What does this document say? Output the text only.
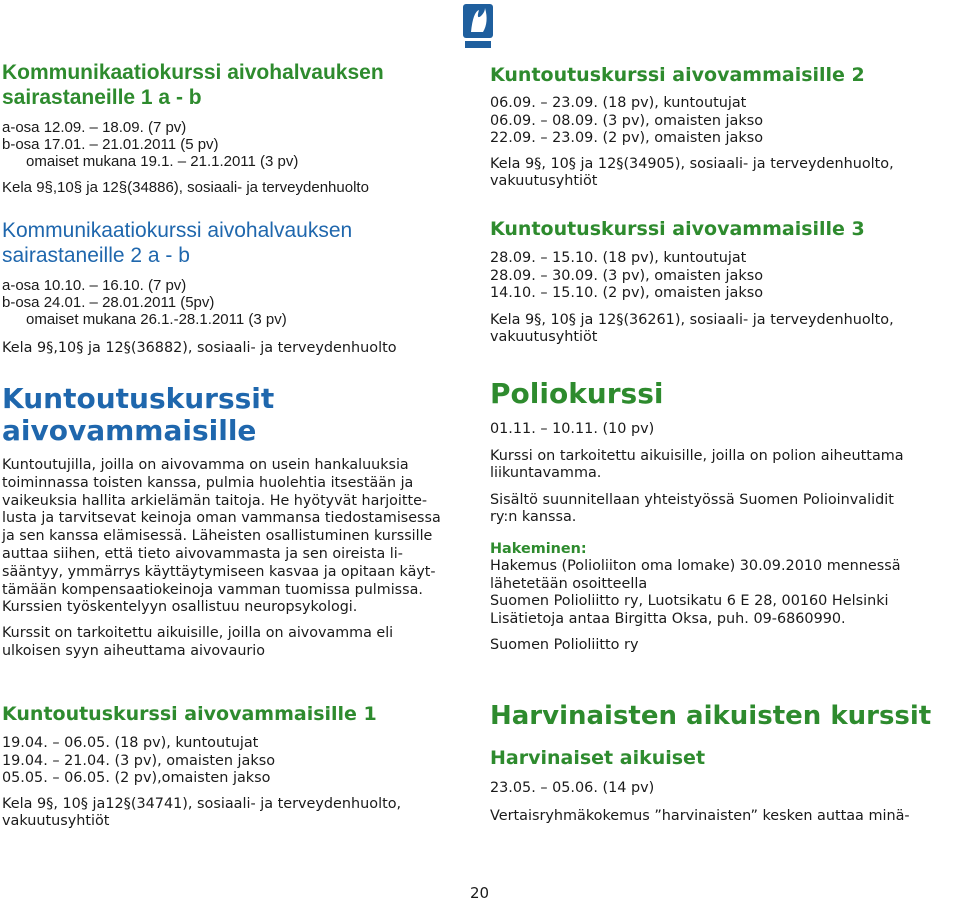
Kommunikaatiokurssi aivohalvauksen
sairastaneille 1 a - b

a-osa 12.09. – 18.09. (7 pv)

b-osa 17.01. – 21.01.2011 (5 pv)

omaiset mukana 19.1. – 21.1.2011 (3 pv)

Kela 9§,10§ ja 12§(34886), sosiaali- ja terveydenhuolto

Kommunikaatiokurssi aivohalvauksen
sairastaneille 2 a - b

a-osa 10.10. – 16.10. (7 pv)

b-osa 24.01. – 28.01.2011 (5pv)

omaiset mukana 26.1.-28.1.2011 (3 pv)

Kela 9§,10§ ja 12§(36882), sosiaali- ja terveydenhuolto

Kuntoutuskurssit
aivovammaisille

Kuntoutujilla, joilla on aivovamma on usein hankaluuksia
toiminnassa toisten kanssa, pulmia huolehtia itsestään ja
vaikeuksia hallita arkielämän taitoja. He hyötyvät harjoitte-
lusta ja tarvitsevat keinoja oman vammansa tiedostamisessa
ja sen kanssa elämisessä. Läheisten osallistuminen kurssille
auttaa siihen, että tieto aivovammasta ja sen oireista li-
sääntyy, ymmärrys käyttäytymiseen kasvaa ja opitaan käyt-
tämään kompensaatiokeinoja vamman tuomissa pulmissa.
Kurssien työskentelyyn osallistuu neuropsykologi.
Kurssit on tarkoitettu aikuisille, joilla on aivovamma eli
ulkoisen syyn aiheuttama aivovaurio

Kuntoutuskurssi aivovammaisille 1

19.04. – 06.05. (18 pv), kuntoutujat

19.04. – 21.04. (3 pv), omaisten jakso

05.05. – 06.05. (2 pv),omaisten jakso

Kela 9§, 10§ ja12§(34741), sosiaali- ja terveydenhuolto,

vakuutusyhtiöt

Kuntoutuskurssi aivovammaisille 2

06.09. – 23.09. (18 pv), kuntoutujat

06.09. – 08.09. (3 pv), omaisten jakso

22.09. – 23.09. (2 pv), omaisten jakso

Kela 9§, 10§ ja 12§(34905), sosiaali- ja terveydenhuolto,

vakuutusyhtiöt

Kuntoutuskurssi aivovammaisille 3

28.09. – 15.10. (18 pv), kuntoutujat

28.09. – 30.09. (3 pv), omaisten jakso

14.10. – 15.10. (2 pv), omaisten jakso

Kela 9§, 10§ ja 12§(36261), sosiaali- ja terveydenhuolto,

vakuutusyhtiöt

Poliokurssi

01.11. – 10.11. (10 pv)

Kurssi on tarkoitettu aikuisille, joilla on polion aiheuttama

liikuntavamma.

Sisältö suunnitellaan yhteistyössä Suomen Polioinvalidit

ry:n kanssa.

Hakeminen:

Hakemus (Polioliiton oma lomake) 30.09.2010 mennessä

lähetetään osoitteella

Suomen Polioliitto ry, Luotsikatu 6 E 28, 00160 Helsinki

Lisätietoja antaa Birgitta Oksa, puh. 09-6860990.

Suomen Polioliitto ry

Harvinaisten aikuisten kurssit

Harvinaiset aikuiset

23.05. – 05.06. (14 pv)

Vertaisryhmäkokemus ”harvinaisten” kesken auttaa minä-

20
